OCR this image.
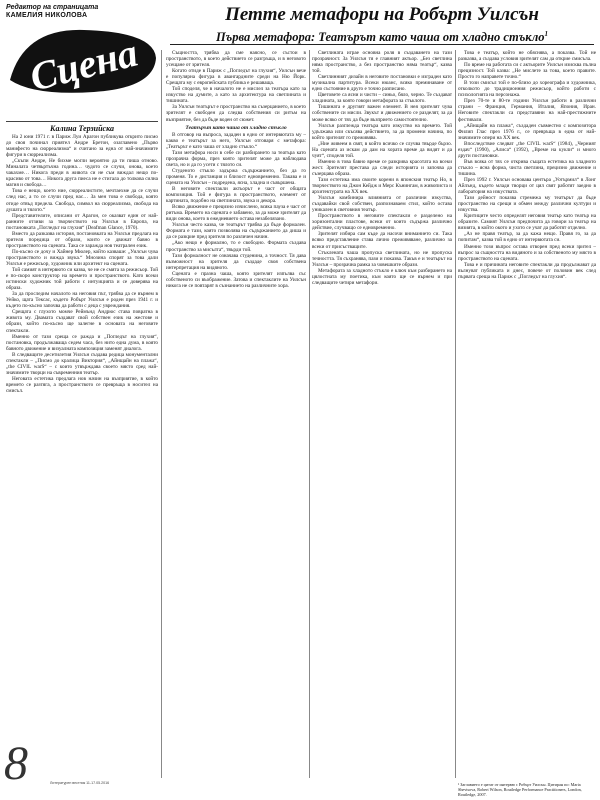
Редактор на страницата
КАМЕЛИЯ НИКОЛОВА
Сцена
Петте метафори на Робърт Уилсън
Първа метафора: Театърът като чаша от хладно стъкло$^1$
Калина Терзийска

На 2 юни 1971 г. в Париж Луи Арагон публикува открито писмо до своя починал приятел Андре Бретон, озаглавено „Първо манифесто на сюрреализма“ и считано за една от най-значимите фигури в сюрреализма.

„Скъпи Андре, Не бихме могли вероятно да ти пиша отново. Миналата четвъртъчна година… чудото се случи, онова, което чакахме… Никога преди в живота си не съм виждал нещо по-красиво от това… Никога друга пиеса не е стигала до толкова силна магия и свобода…

Това е нещо, което ние, сюрреалистите, мечтаехме да се случи след нас, а то се случи пред нас… За мен това е свобода, която отиде отвъд предела. Свобода, символ на сюрреализма, свобода на душата и тялото.“

Представителите, описани от Арагон, се оказват един от най-ранните отзиви за творчеството на Уилсън в Европа, на постановката „Погледът на глухия“ (Deafman Glance, 1970).

Вместо да разказва история, постановката на Уилсън предлага на зрителя поредица от образи, които се движат бавно в пространството на сцената. Така се заражда нов театрален език.

По-късно се дочу и Хайнер Мюлер, който казваше: „Уилсън чува пространството и вижда звука.“ Мнозина спорят за това дали Уилсън е режисьор, художник или архитект на сцената.

Той самият в интервюто си казва, че не се смята за режисьор. Той е по-скоро конструктор на времето и пространството. Като всеки истински художник той работи с интуицията и се доверява на образа.

За да проследим началото на неговия път, трябва да се върнем в Уейко, щата Тексас, където Робърт Уилсън е роден през 1941 г. и където по-късно започва да работи с деца с увреждания.

Срещата с глухото момче Реймънд Андрюс става повратна в живота му. Двамата създават свой собствен език на жестове и образи, който по-късно ще залегне в основата на неговите спектакли.

Именно от тази среща се ражда и „Погледът на глухия“, постановка, продължаваща седем часа, без нито една дума, в която бавното движение и визуалната композиция заменят диалога.

В следващите десетилетия Уилсън създава редица монументални спектакли – „Писмо до кралица Виктория“, „Айнщайн на плажа“, „the CIVIL warS“ – с които утвърждава своето място сред най-значимите творци на съвременния театър.

Неговата естетика предлага нов начин на възприятие, в който времето се разтяга, а пространството се превръща в носител на смисъл.

Същността, трябва да сме наясно, се състои в пространството, в което действието се разгръща, и в неговото усещане от зрителя.

Когато отиде в Париж с „Погледът на глухия“, Уилсън вече е популярна фигура в авангардните среди на Ню Йорк. Срещата му с европейската публика е решаваща.

Той споделя, че в началото не е мислел за театъра като за изкуство на думите, а като за архитектура на светлината и тишината.

За Уилсън театърът е пространство на съзерцанието, в което зрителят е свободен да следва собствения си ритъм на възприятие, без да бъде воден от сюжет.

Театърът като чаша от хладно стъкло

В отговор на въпроса, зададен в едно от интервютата му – какво е театърът за него, Уилсън отговаря с метафора: „Театърът е като чаша от хладно стъкло.“

Тази метафора носи в себе си разбирането за театъра като прозрачна форма, през която зрителят може да наблюдава света, но и да го усети с тялото си.

Студеното стъкло задържа съдържанието, без да го променя. То е дистанция и близост едновременно. Такава е и сцената на Уилсън – подредена, ясна, хладна и съвършена.

В неговите спектакли актьорът е част от общата композиция. Той е фигура в пространството, елемент от картината, подобно на светлината, звука и декора.

Всяко движение е прецизно изчислено, всяка пауза е част от ритъма. Времето на сцената е забавено, за да може зрителят да види онова, което в ежедневието остава незабелязано.

Уилсън често казва, че театърът трябва да бъде формален. Формата е тази, която позволява на съдържанието да диша и да се разкрие пред зрителя по различен начин.

„Ако нещо е формално, то е свободно. Формата създава пространство за мисълта“, твърди той.

Тази формалност не означава студенина, а точност. Тя дава възможност на зрителя да създаде своя собствена интерпретация на видяното.

Сцената е празна чаша, която зрителят изпълва със собственото си въображение. Затова и спектаклите на Уилсън никога не се повтарят в съзнанието на различните хора.

Светлината играе основна роля в създаването на тази прозрачност. За Уилсън тя е главният актьор. „Без светлина няма пространство, а без пространство няма театър“, казва той.

Светлинният дизайн в неговите постановки е изграден като музикална партитура. Всеки нюанс, всяко преминаване от едно състояние в друго е точно разписано.

Цветовете са ясни и чисти – синьо, бяло, черно. Те създават хладината, за която говори метафората за стъклото.

Тишината е другият важен елемент. В нея зрителят чува собствените си мисли. Звукът и движението се разделят, за да може всяко от тях да бъде възприето самостоятелно.

Уилсън разглежда театъра като изкуство на времето. Той удължава или скъсява действието, за да промени начина, по който зрителят го преживява.

„Ние живеем в свят, в който всичко се случва твърде бързо. На сцената аз искам да дам на хората време да видят и да чуят“, споделя той.

Именно в това бавно време се разкрива красотата на всеки жест. Зрителят престава да следи историята и започва да съзерцава образа.

Тази естетика има своите корени в японския театър Но, в творчеството на Джон Кейдж и Мерс Кънингам, в живописта и архитектурата на ХХ век.

Уилсън комбинира влиянията от различни изкуства, създавайки свой собствен, разпознаваем стил, който остава уникален в световния театър.

Пространството в неговите спектакли е разделено на хоризонтални пластове, всеки от които съдържа различно действие, случващо се едновременно.

Зрителят избира сам къде да насочи вниманието си. Така всяко представление става лично преживяване, различно за всеки от присъстващите.

Стъклената чаша пропуска светлината, но не пропуска течността. Тя съхранява, пази и показва. Такъв е и театърът на Уилсън – прозрачна рамка за човешките образи.

Метафората за хладното стъкло е ключ към разбирането на цялостната му поетика, към която ще се върнем и при следващите четири метафори.

Това е театър, който не обяснява, а показва. Той не разказва, а създава условия зрителят сам да открие смисъла.

По време на работата си с актьорите Уилсън изисква пълна прецизност. Той казва: „Не мислете за това, което правите. Просто го направете точно.“

В този смисъл той е по-близо до хореографа и художника, отколкото до традиционния режисьор, който работи с психологията на персонажа.

През 70-те и 80-те години Уилсън работи в различни страни – Франция, Германия, Италия, Япония, Иран. Неговите спектакли са представяни на най-престижните фестивали.

„Айнщайн на плажа“, създаден съвместно с композитора Филип Глас през 1976 г., се превръща в една от най-значимите опери на ХХ век.

Впоследствие следват „the CIVIL warS“ (1984), „Черният ездач“ (1990), „Алиса“ (1992), „Време на кукли“ и много други постановки.

Във всяка от тях се открива същата естетика на хладното стъкло – ясна форма, чиста светлина, прецизно движение и тишина.

През 1992 г. Уилсън основава центъра „Уотърмил“ в Лонг Айлънд, където млади творци от цял свят работят заедно в лаборатория на изкуствата.

Тази дейност показва стремежа му театърът да бъде пространство на срещи и обмен между различни култури и изкуства.

Критиците често определят неговия театър като театър на образите. Самият Уилсън предпочита да говори за театър на визията, в който окото и ухото се учат да работят отделно.

„Аз не правя театър, за да кажа нещо. Правя го, за да попитам“, казва той в едно от интервютата си.

Именно този въпрос остава отворен пред всеки зрител – въпрос за същността на видяното и за собственото му място в пространството на сцената.

Това е и причината неговите спектакли да продължават да вълнуват публиката и днес, повече от половин век след първата среща на Париж с „Погледът на глухия“.

8	Литературен вестник 11-17.05.2016	¹ Заглавието е цитат от интервю с Робърт Уилсън. Цитиран по: Maria Shevtsova, Robert Wilson, Routledge Performance Practitioners, London, Routledge, 2007.
